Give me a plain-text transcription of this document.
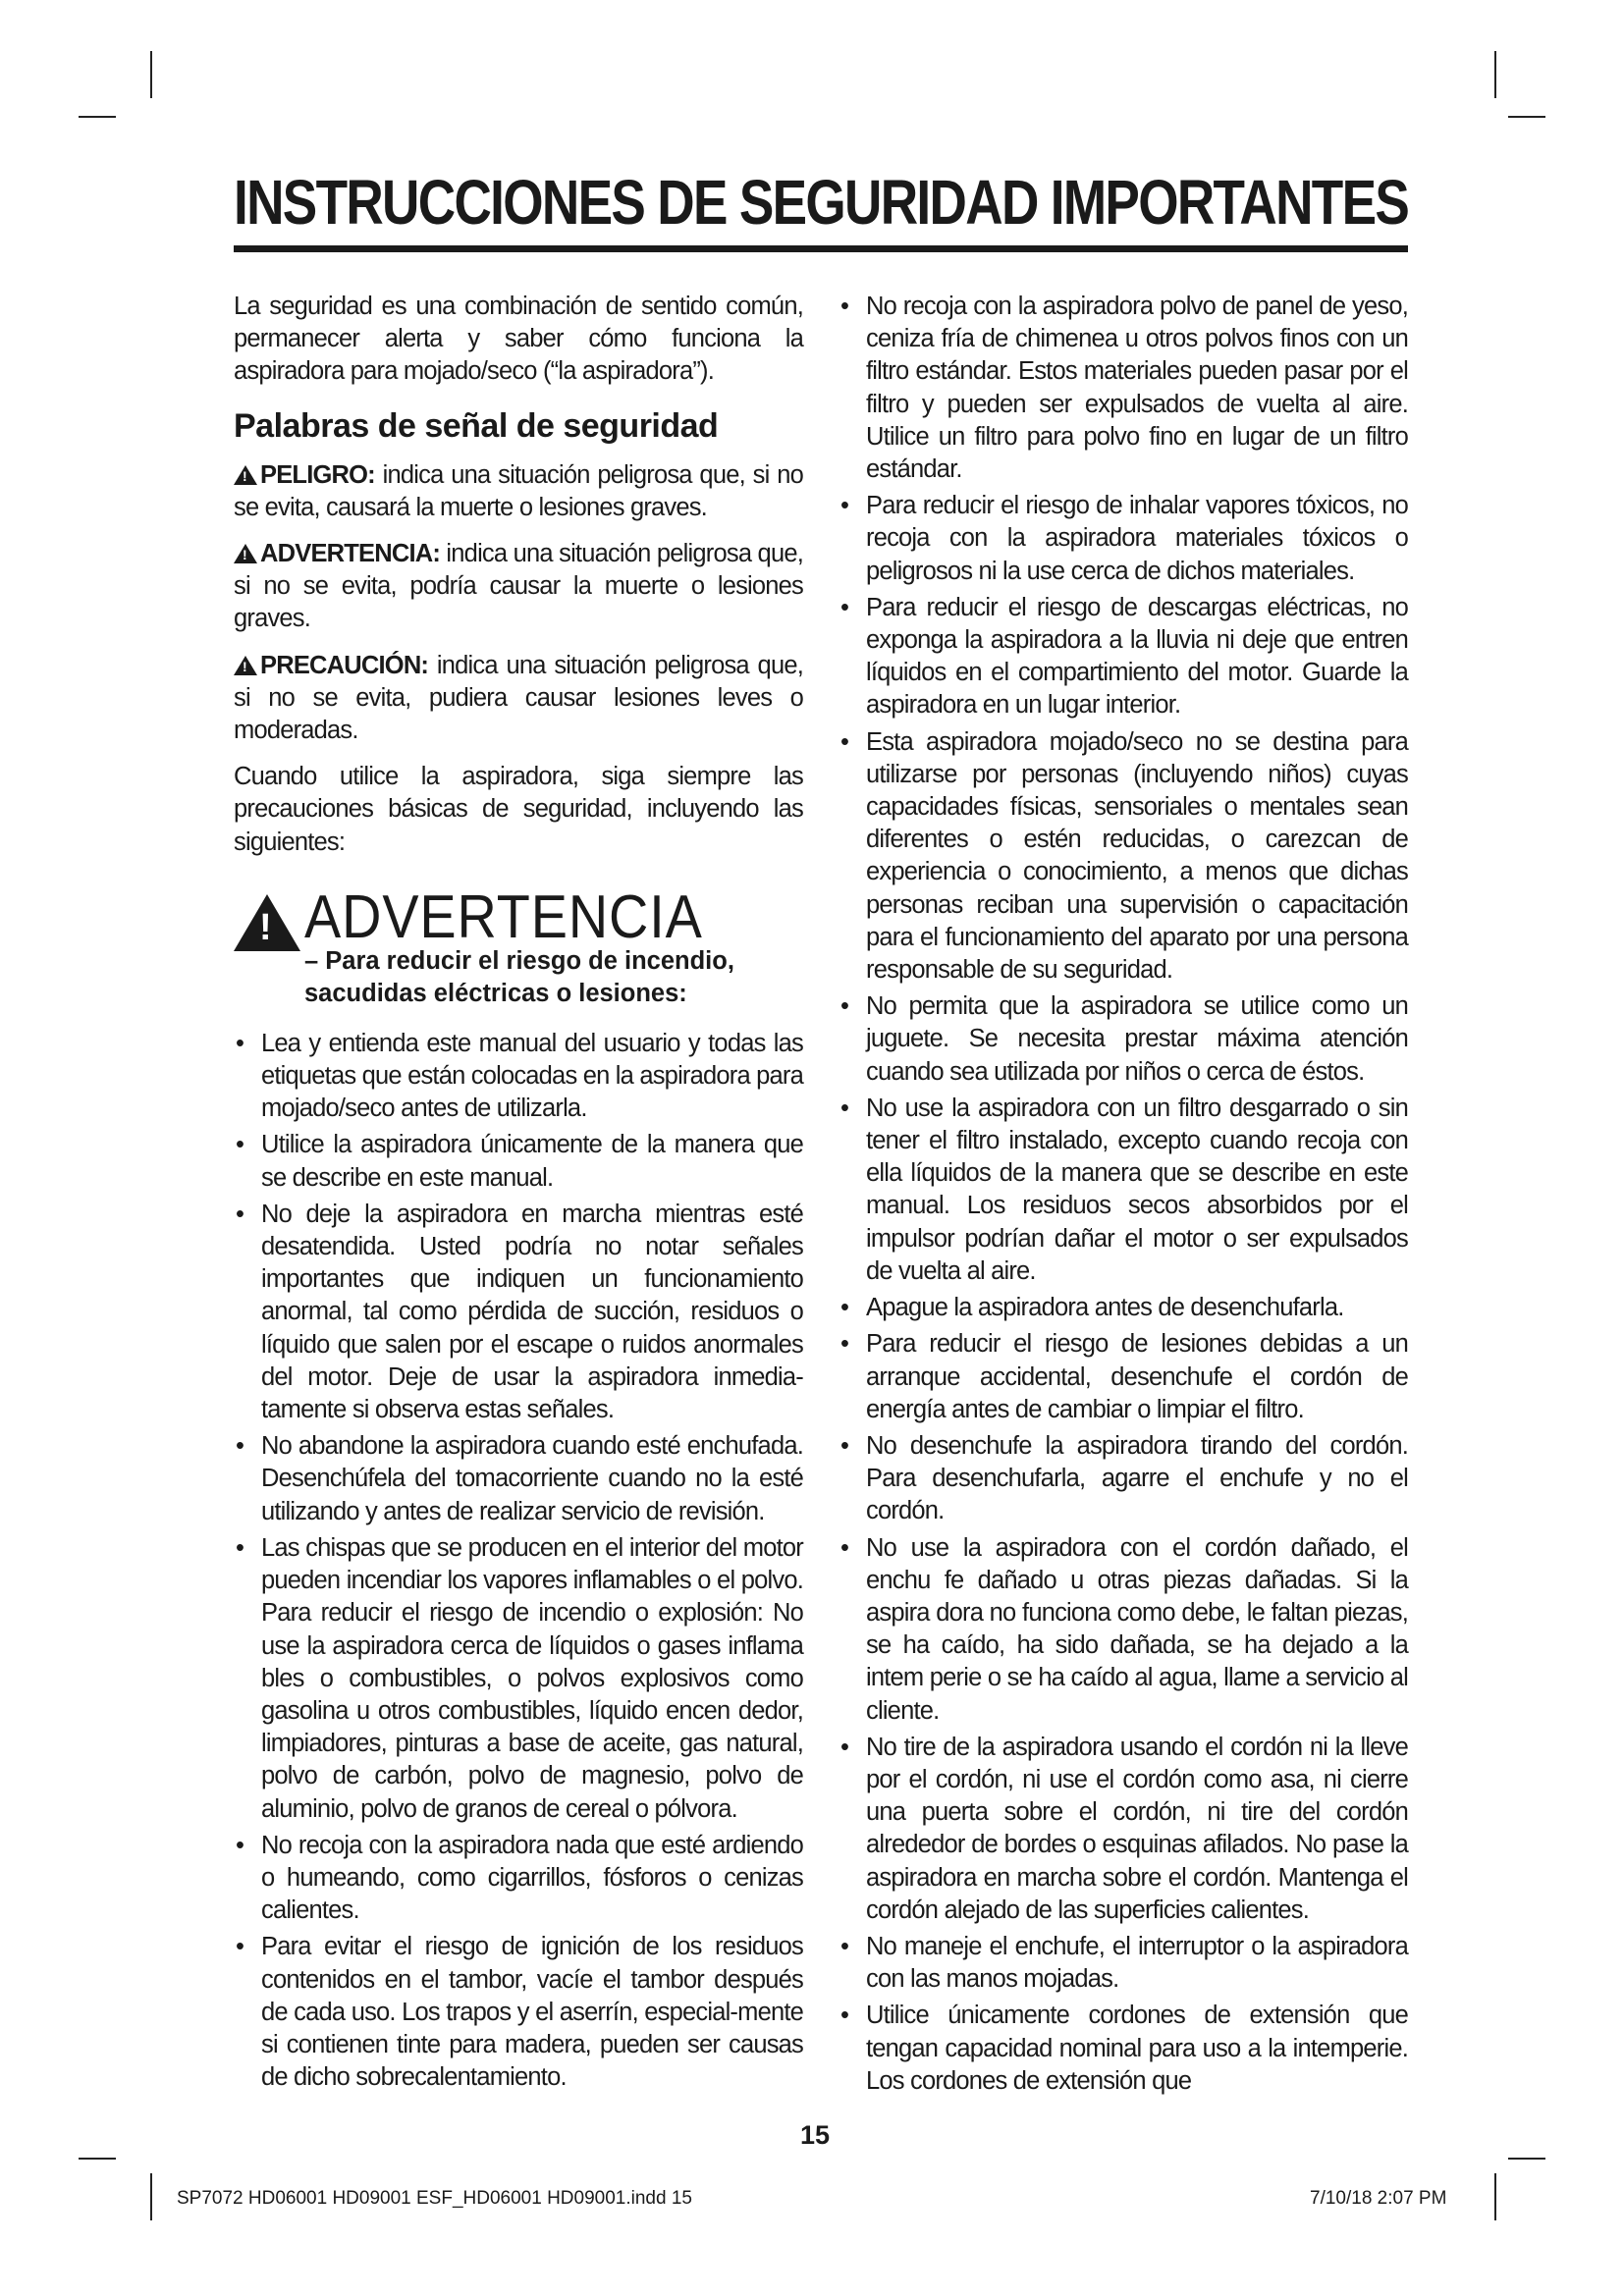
INSTRUCCIONES DE SEGURIDAD IMPORTANTES

La seguridad es una combinación de sentido común, permanecer alerta y saber cómo funciona la aspiradora para mojado/seco (“la aspiradora”).

Palabras de señal de seguridad

!PELIGRO: indica una situación peligrosa que, si no se evita, causará la muerte o lesiones graves.

!ADVERTENCIA: indica una situación peligrosa que, si no se evita, podría causar la muerte o lesiones graves.

!PRECAUCIÓN: indica una situación peligrosa que, si no se evita, pudiera causar lesiones leves o moderadas.

Cuando utilice la aspiradora, siga siempre las precauciones básicas de seguridad, incluyendo las siguientes:

!
ADVERTENCIA
– Para reducir el riesgo de incendio, sacudidas eléctricas o lesiones:
• Lea y entienda este manual del usuario y todas las etiquetas que están colocadas en la aspiradora para mojado/seco antes de utilizarla.
• Utilice la aspiradora únicamente de la manera que se describe en este manual.
• No deje la aspiradora en marcha mientras esté desatendida. Usted podría no notar señales importantes que indiquen un funcionamiento anormal, tal como pérdida de succión, residuos o líquido que salen por el escape o ruidos anormales del motor. Deje de usar la aspiradora inmedia-tamente si observa estas señales.
• No abandone la aspiradora cuando esté enchufada. Desenchúfela del tomacorriente cuando no la esté utilizando y antes de realizar servicio de revisión.
• Las chispas que se producen en el interior del motor pueden incendiar los vapores inflamables o el polvo. Para reducir el riesgo de incendio o explosión: No use la aspiradora cerca de líquidos o gases inflama bles o combustibles, o polvos explosivos como gasolina u otros combustibles, líquido encen dedor, limpiadores, pinturas a base de aceite, gas natural, polvo de carbón, polvo de magnesio, polvo de aluminio, polvo de granos de cereal o pólvora.
• No recoja con la aspiradora nada que esté ardiendo o humeando, como cigarrillos, fósforos o cenizas calientes.
• Para evitar el riesgo de ignición de los residuos contenidos en el tambor, vacíe el tambor después de cada uso. Los trapos y el aserrín, especial-mente si contienen tinte para madera, pueden ser causas de dicho sobrecalentamiento.
• No recoja con la aspiradora polvo de panel de yeso, ceniza fría de chimenea u otros polvos finos con un filtro estándar. Estos materiales pueden pasar por el filtro y pueden ser expulsados de vuelta al aire. Utilice un filtro para polvo fino en lugar de un filtro estándar.
• Para reducir el riesgo de inhalar vapores tóxicos, no recoja con la aspiradora materiales tóxicos o peligrosos ni la use cerca de dichos materiales.
• Para reducir el riesgo de descargas eléctricas, no exponga la aspiradora a la lluvia ni deje que entren líquidos en el compartimiento del motor. Guarde la aspiradora en un lugar interior.
• Esta aspiradora mojado/seco no se destina para utilizarse por personas (incluyendo niños) cuyas capacidades físicas, sensoriales o mentales sean diferentes o estén reducidas, o carezcan de experiencia o conocimiento, a menos que dichas personas reciban una supervisión o capacitación para el funcionamiento del aparato por una persona responsable de su seguridad.
• No permita que la aspiradora se utilice como un juguete. Se necesita prestar máxima atención cuando sea utilizada por niños o cerca de éstos.
• No use la aspiradora con un filtro desgarrado o sin tener el filtro instalado, excepto cuando recoja con ella líquidos de la manera que se describe en este manual. Los residuos secos absorbidos por el impulsor podrían dañar el motor o ser expulsados de vuelta al aire.
• Apague la aspiradora antes de desenchufarla.
• Para reducir el riesgo de lesiones debidas a un arranque accidental, desenchufe el cordón de energía antes de cambiar o limpiar el filtro.
• No desenchufe la aspiradora tirando del cordón. Para desenchufarla, agarre el enchufe y no el cordón.
• No use la aspiradora con el cordón dañado, el enchu fe dañado u otras piezas dañadas. Si la aspira dora no funciona como debe, le faltan piezas, se ha caído, ha sido dañada, se ha dejado a la intem perie o se ha caído al agua, llame a servicio al cliente.
• No tire de la aspiradora usando el cordón ni la lleve por el cordón, ni use el cordón como asa, ni cierre una puerta sobre el cordón, ni tire del cordón alrededor de bordes o esquinas afilados. No pase la aspiradora en marcha sobre el cordón. Mantenga el cordón alejado de las superficies calientes.
• No maneje el enchufe, el interruptor o la aspiradora con las manos mojadas.
• Utilice únicamente cordones de extensión que tengan capacidad nominal para uso a la intemperie. Los cordones de extensión que
15
SP7072 HD06001 HD09001 ESF_HD06001 HD09001.indd 15	7/10/18 2:07 PM
